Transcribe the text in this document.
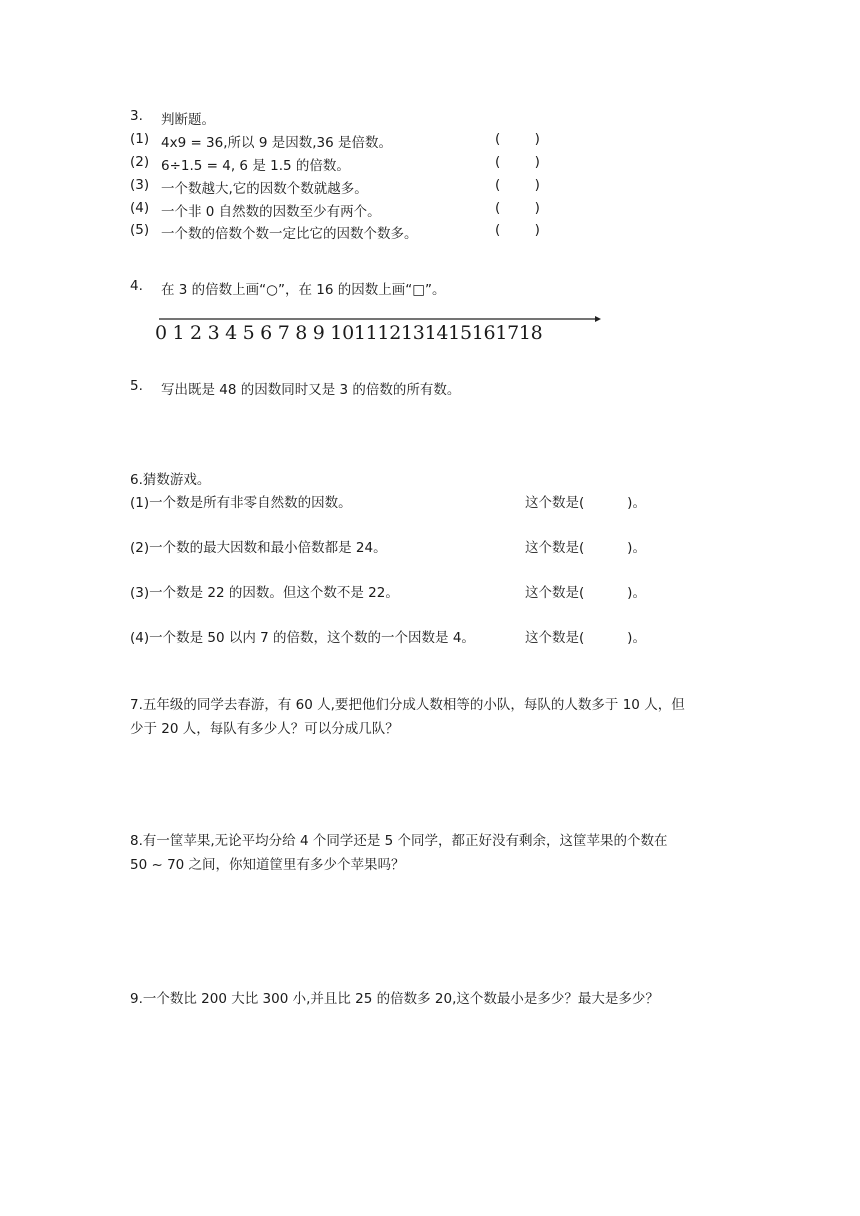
3. 判断题。
(1) 4x9 = 36,所以 9 是因数,36 是倍数。	(        )
(2) 6÷1.5 = 4, 6 是 1.5 的倍数。	(        )
(3) 一个数越大,它的因数个数就越多。	(        )
(4) 一个非 0 自然数的因数至少有两个。	(        )
(5) 一个数的倍数个数一定比它的因数个数多。	(        )
4. 在 3 的倍数上画“○”，在 16 的因数上画“□”。
0 1 2 3 4 5 6 7 8 9 101112131415161718
5. 写出既是 48 的因数同时又是 3 的倍数的所有数。
6.猜数游戏。
(1)一个数是所有非零自然数的因数。	这个数是(          )。
(2)一个数的最大因数和最小倍数都是 24。	这个数是(          )。
(3)一个数是 22 的因数。但这个数不是 22。	这个数是(          )。
(4)一个数是 50 以内 7 的倍数，这个数的一个因数是 4。	这个数是(          )。
7.五年级的同学去春游，有 60 人,要把他们分成人数相等的小队，每队的人数多于 10 人，但
少于 20 人，每队有多少人？可以分成几队？
8.有一筐苹果,无论平均分给 4 个同学还是 5 个同学，都正好没有剩余，这筐苹果的个数在
50 ~ 70 之间，你知道筐里有多少个苹果吗？
9.一个数比 200 大比 300 小,并且比 25 的倍数多 20,这个数最小是多少？最大是多少？
